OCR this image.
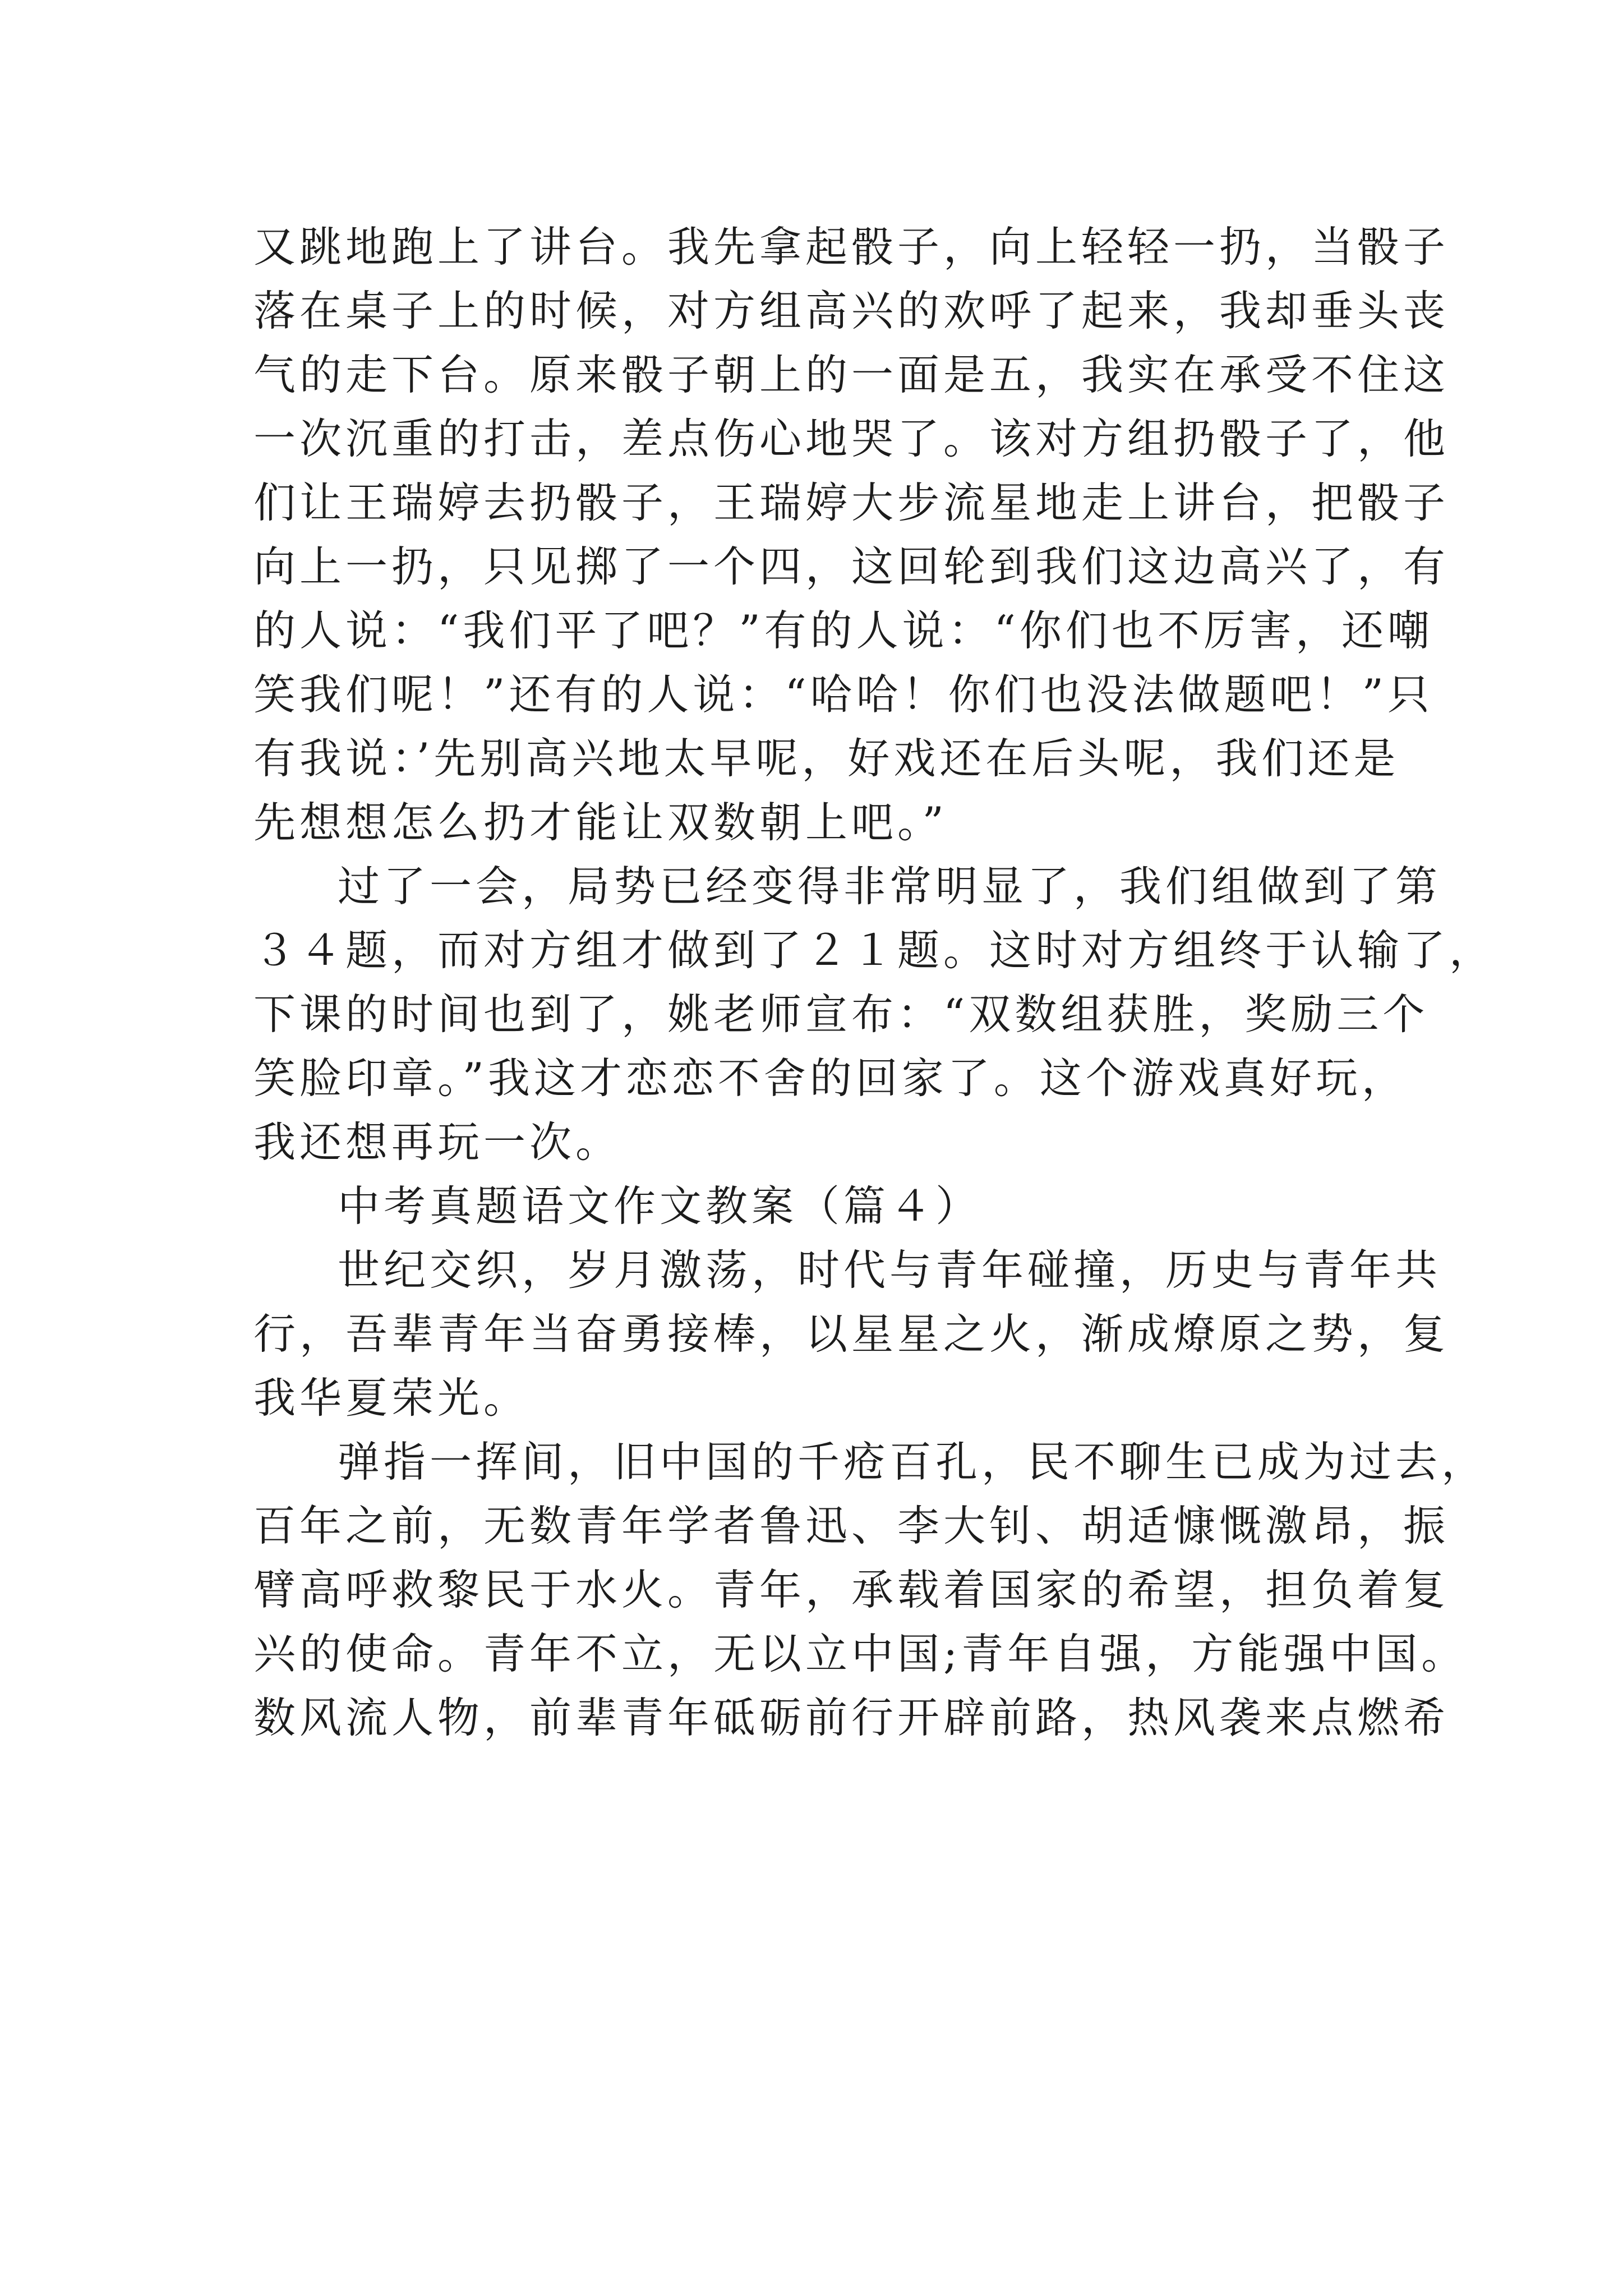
又跳地跑上了讲台。我先拿起骰子，向上轻轻一扔，当骰子
落在桌子上的时候，对方组高兴的欢呼了起来，我却垂头丧
气的走下台。原来骰子朝上的一面是五，我实在承受不住这
一次沉重的打击，差点伤心地哭了。该对方组扔骰子了，他
们让王瑞婷去扔骰子，王瑞婷大步流星地走上讲台，把骰子
向上一扔，只见掷了一个四，这回轮到我们这边高兴了，有
的人说：“我们平了吧？”有的人说：“你们也不厉害，还嘲
笑我们呢！”还有的人说：“哈哈！你们也没法做题吧！”只
有我说：’先别高兴地太早呢，好戏还在后头呢，我们还是
先想想怎么扔才能让双数朝上吧。”
过了一会，局势已经变得非常明显了，我们组做到了第
３４题，而对方组才做到了２１题。这时对方组终于认输了，
下课的时间也到了，姚老师宣布：“双数组获胜，奖励三个
笑脸印章。”我这才恋恋不舍的回家了。这个游戏真好玩，
我还想再玩一次。
中考真题语文作文教案（篇４）
世纪交织，岁月激荡，时代与青年碰撞，历史与青年共
行，吾辈青年当奋勇接棒，以星星之火，渐成燎原之势，复
我华夏荣光。
弹指一挥间，旧中国的千疮百孔，民不聊生已成为过去，
百年之前，无数青年学者鲁迅、李大钊、胡适慷慨激昂，振
臂高呼救黎民于水火。青年，承载着国家的希望，担负着复
兴的使命。青年不立，无以立中国;青年自强，方能强中国。
数风流人物，前辈青年砥砺前行开辟前路，热风袭来点燃希
